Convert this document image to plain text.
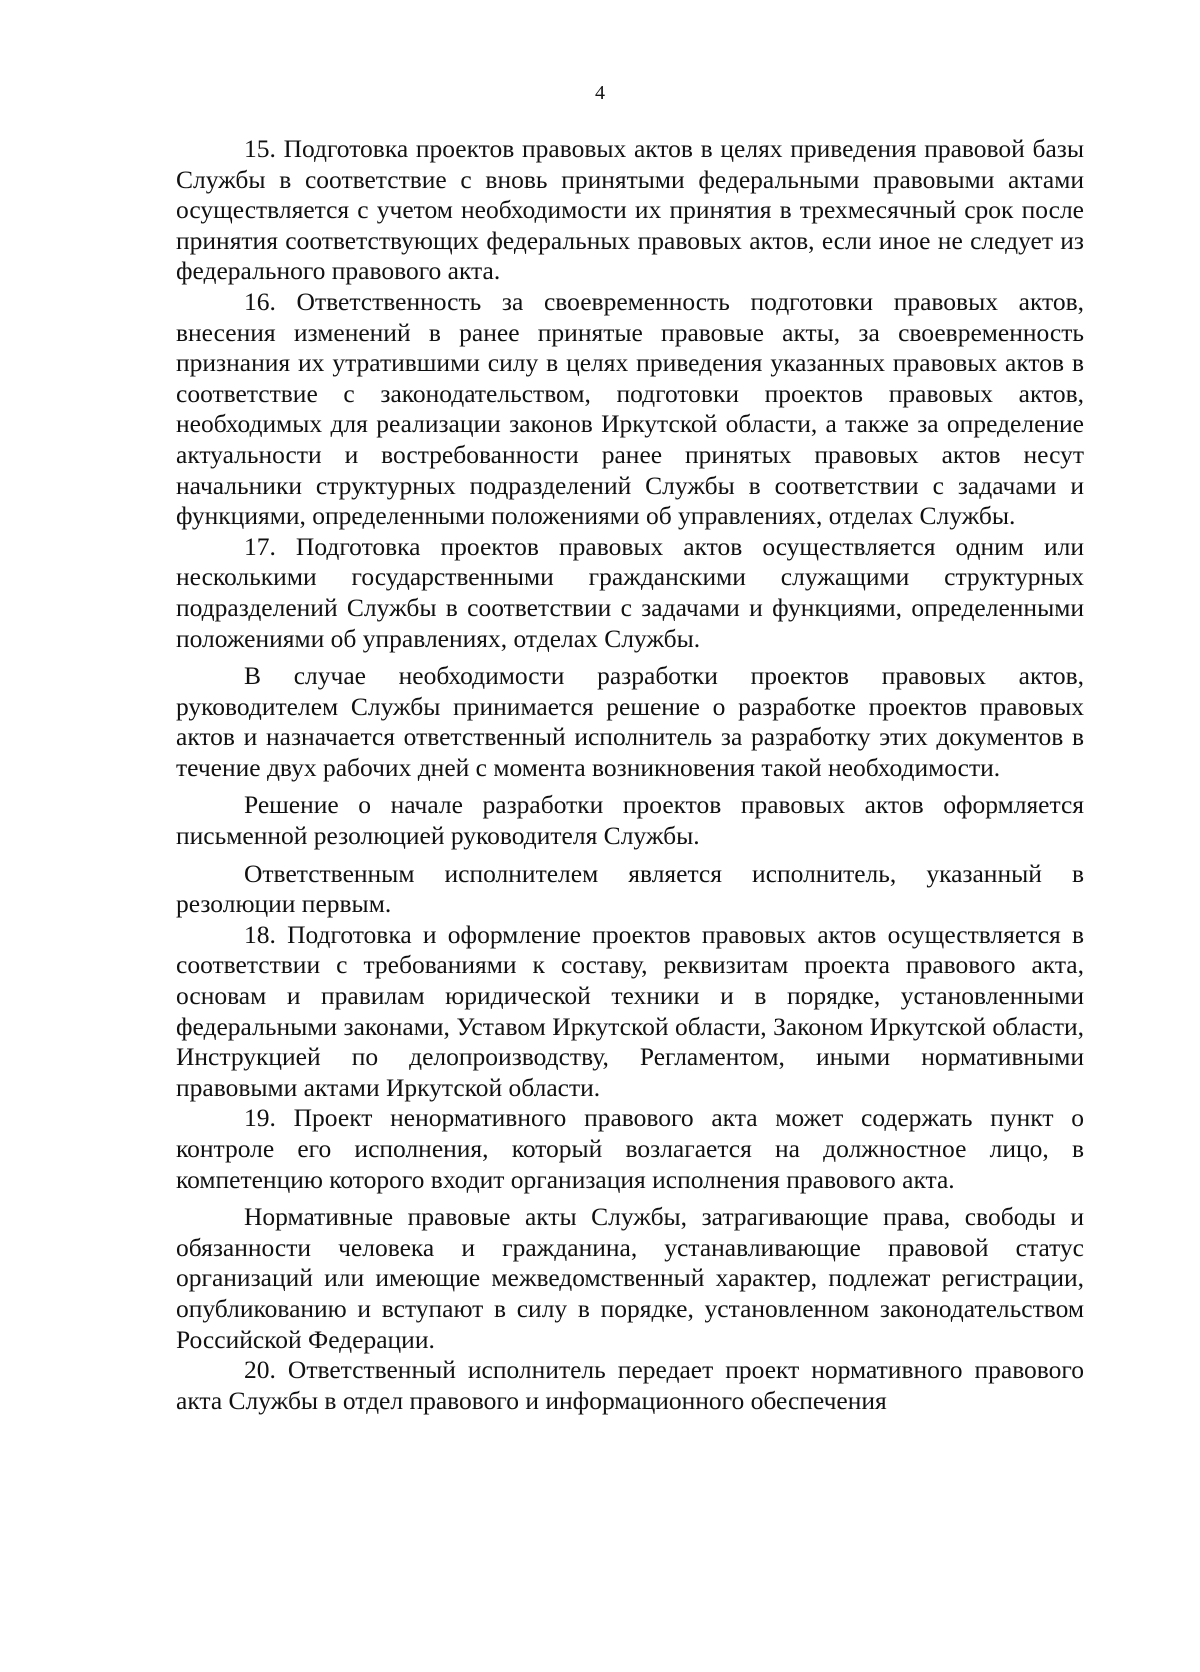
4

15. Подготовка проектов правовых актов в целях приведения правовой базы Службы в соответствие с вновь принятыми федеральными правовыми актами осуществляется с учетом необходимости их принятия в трехмесячный срок после принятия соответствующих федеральных правовых актов, если иное не следует из федерального правового акта.

16. Ответственность за своевременность подготовки правовых актов, внесения изменений в ранее принятые правовые акты, за своевременность признания их утратившими силу в целях приведения указанных правовых актов в соответствие с законодательством, подготовки проектов правовых актов, необходимых для реализации законов Иркутской области, а также за определение актуальности и востребованности ранее принятых правовых актов несут начальники структурных подразделений Службы в соответствии с задачами и функциями, определенными положениями об управлениях, отделах Службы.

17. Подготовка проектов правовых актов осуществляется одним или несколькими государственными гражданскими служащими структурных подразделений Службы в соответствии с задачами и функциями, определенными положениями об управлениях, отделах Службы.

В случае необходимости разработки проектов правовых актов, руководителем Службы принимается решение о разработке проектов правовых актов и назначается ответственный исполнитель за разработку этих документов в течение двух рабочих дней с момента возникновения такой необходимости.

Решение о начале разработки проектов правовых актов оформляется письменной резолюцией руководителя Службы.

Ответственным исполнителем является исполнитель, указанный в резолюции первым.

18. Подготовка и оформление проектов правовых актов осуществляется в соответствии с требованиями к составу, реквизитам проекта правового акта, основам и правилам юридической техники и в порядке, установленными федеральными законами, Уставом Иркутской области, Законом Иркутской области, Инструкцией по делопроизводству, Регламентом, иными нормативными правовыми актами Иркутской области.

19. Проект ненормативного правового акта может содержать пункт о контроле его исполнения, который возлагается на должностное лицо, в компетенцию которого входит организация исполнения правового акта.

Нормативные правовые акты Службы, затрагивающие права, свободы и обязанности человека и гражданина, устанавливающие правовой статус организаций или имеющие межведомственный характер, подлежат регистрации, опубликованию и вступают в силу в порядке, установленном законодательством Российской Федерации.

20. Ответственный исполнитель передает проект нормативного правового акта Службы в отдел правового и информационного обеспечения
